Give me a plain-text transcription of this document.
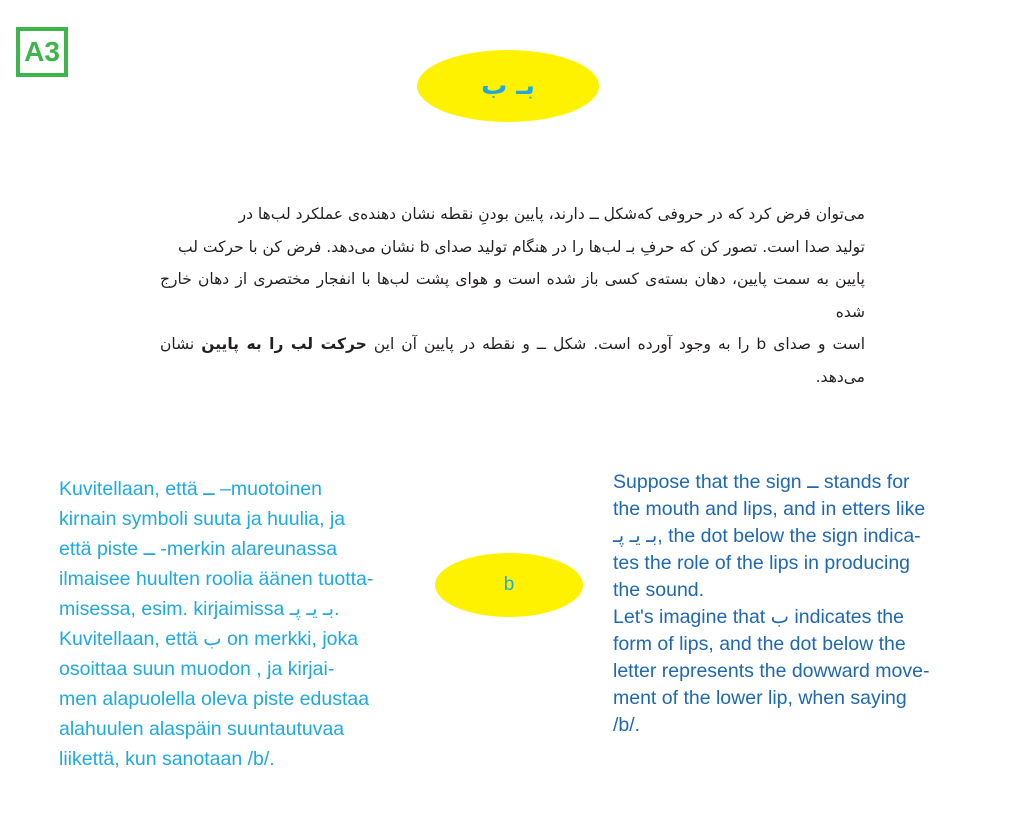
A3
بـ ب

می‌توان فرض کرد که در حروفی که‌شکل ــ دارند، پایین بودنِ نقطه نشان دهنده‌ی عملکرد لب‌ها در
تولید صدا است. تصور کن که حرفِ بـ لب‌ها را در هنگام تولید صدای b نشان می‌دهد. فرض کن با حرکت لب
پایین به سمت پایین، دهان بسته‌ی کسی باز شده است و هوای پشت لب‌ها با انفجار مختصری از دهان خارج شده
است و صدای b را به وجود آورده است. شکل ــ و نقطه در پایین آن این حرکت لب را به پایین نشان می‌دهد.

b
Kuvitellaan, että ــ –muotoinen
kirnain symboli suuta ja huulia, ja
että piste ــ -merkin alareunassa
ilmaisee huulten roolia äänen tuotta-
misessa, esim. kirjaimissa بـ یـ پـ.
Kuvitellaan, että ب on merkki, joka
osoittaa suun muodon , ja kirjai-
men alapuolella oleva piste edustaa
alahuulen alaspäin suuntautuvaa
liikettä, kun sanotaan /b/.
Suppose that the sign ــ stands for
the mouth and lips, and in etters like
بـ یـ پـ, the dot below the sign indica-
tes the role of the lips in producing
the sound.
Let's imagine that ب indicates the
form of lips, and the dot below the
letter represents the dowward move-
ment of the lower lip, when saying
/b/.
